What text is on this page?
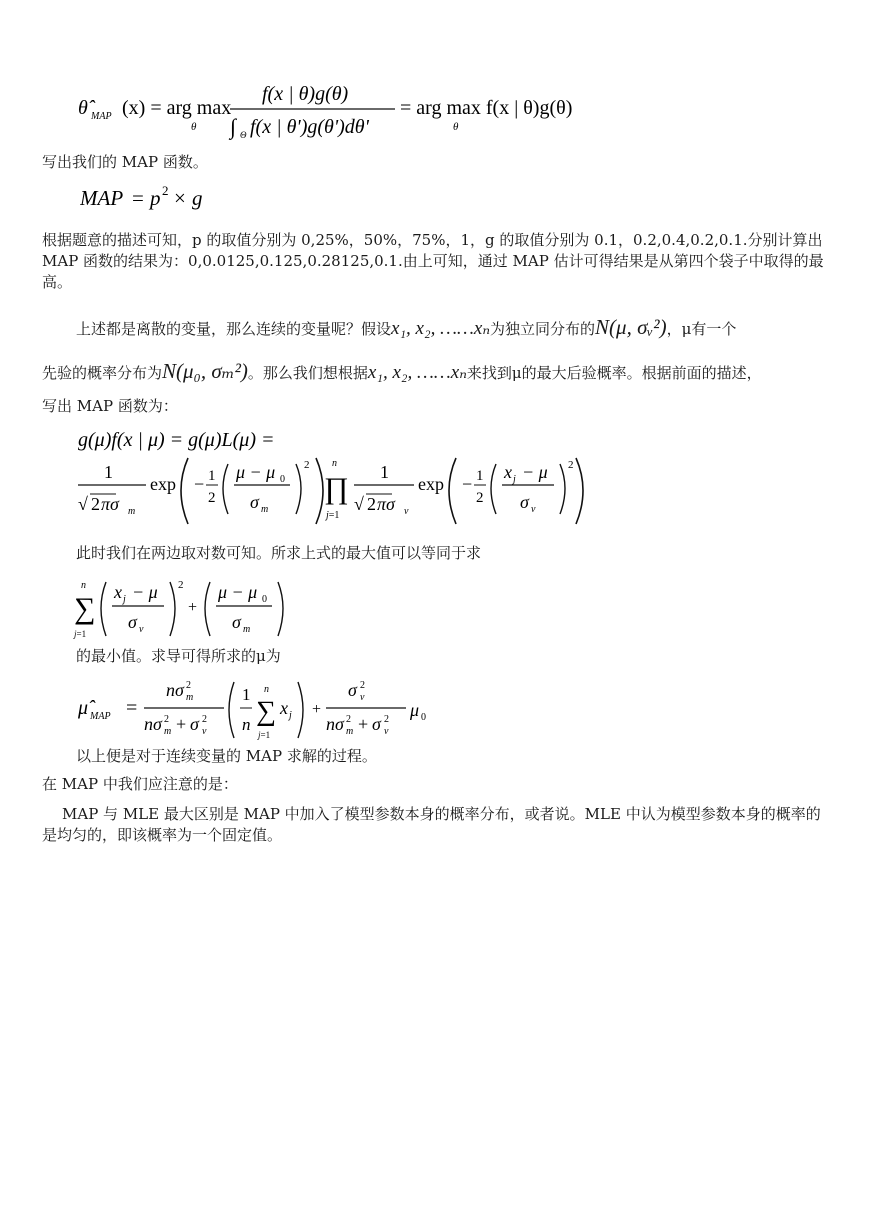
θ̂ MAP (x) = arg max
θ
f(x | θ)g(θ)
∫ Θ f(x | θ')g(θ')dθ'
= arg max f(x | θ)g(θ)
θ

写出我们的 MAP 函数。

MAP = p 2 × g

根据题意的描述可知，p 的取值分别为 0,25%，50%，75%，1，g 的取值分别为 0.1，0.2,0.4,0.2,0.1.分别计算出 MAP 函数的结果为：0,0.0125,0.125,0.28125,0.1.由上可知，通过 MAP 估计可得结果是从第四个袋子中取得的最高。

上述都是离散的变量，那么连续的变量呢？假设x₁, x₂, ……xₙ为独立同分布的N(μ, σᵥ²)，μ有一个
先验的概率分布为N(μ₀, σₘ²)。那么我们想根据x₁, x₂, ……xₙ来找到μ的最大后验概率。根据前面的描述，

写出 MAP 函数为：

g(μ)f(x | μ) = g(μ)L(μ) =
1
√ 2 πσ m
exp − 1
2
μ − μ 0
σ m
2 n
∏
j=1
1
√ 2 πσ v
exp − 1
2
x j − μ
σ v
2

此时我们在两边取对数可知。所求上式的最大值可以等同于求

n
∑
j=1
x j − μ
σ v
2
+
μ − μ 0
σ m

的最小值。求导可得所求的μ为

μ̂ MAP =
nσ m
2
nσ m
2 + σ v
2
1
n
n
∑
j=1
x j +
σ v
2
nσ m
2 + σ v
2 μ 0

以上便是对于连续变量的 MAP 求解的过程。

在 MAP 中我们应注意的是：

MAP 与 MLE 最大区别是 MAP 中加入了模型参数本身的概率分布，或者说。MLE 中认为模型参数本身的概率的是均匀的，即该概率为一个固定值。
